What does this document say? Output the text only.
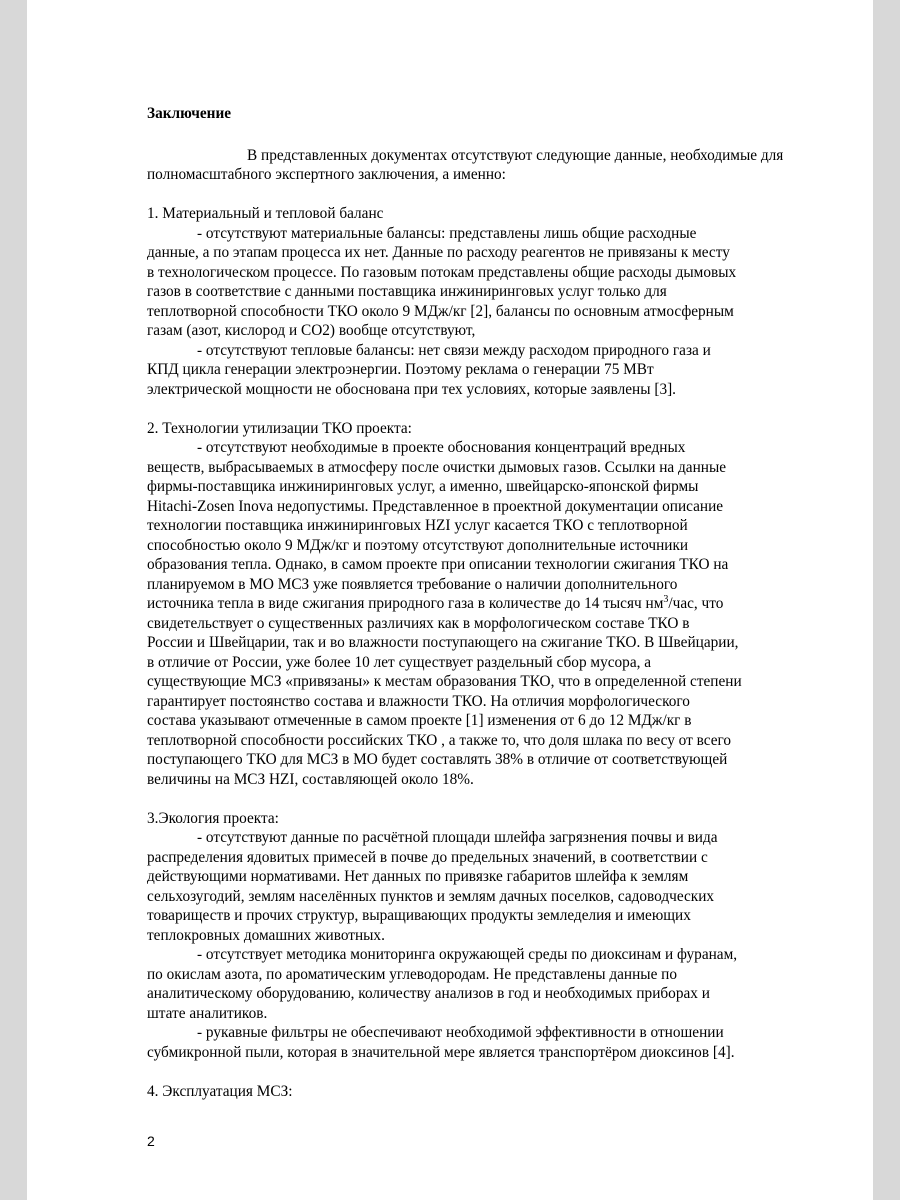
Заключение

В представленных документах отсутствуют следующие данные, необходимые для
полномасштабного экспертного заключения, а именно:

1. Материальный и тепловой баланс

- отсутствуют материальные балансы: представлены лишь общие расходные
данные, а по этапам процесса их нет. Данные по расходу реагентов не привязаны к месту
в технологическом процессе. По газовым потокам представлены общие расходы дымовых
газов в соответствие с данными поставщика инжиниринговых услуг только для
теплотворной способности ТКО около 9 МДж/кг [2], балансы по основным атмосферным
газам (азот, кислород и СО2) вообще отсутствуют,

- отсутствуют тепловые балансы: нет связи между расходом природного газа и
КПД цикла генерации электроэнергии. Поэтому реклама о генерации 75 МВт
электрической мощности не обоснована при тех условиях, которые заявлены [3].

2. Технологии утилизации ТКО проекта:

- отсутствуют необходимые в проекте обоснования концентраций вредных
веществ, выбрасываемых в атмосферу после очистки дымовых газов. Ссылки на данные
фирмы-поставщика инжиниринговых услуг, а именно, швейцарско-японской фирмы
Hitachi-Zosen Inova недопустимы. Представленное в проектной документации описание
технологии поставщика инжиниринговых HZI услуг касается ТКО с теплотворной
способностью около 9 МДж/кг и поэтому отсутствуют дополнительные источники
образования тепла. Однако, в самом проекте при описании технологии сжигания ТКО на
планируемом в МО МСЗ уже появляется требование о наличии дополнительного
источника тепла в виде сжигания природного газа в количестве до 14 тысяч $нм^3$/час, что
свидетельствует о существенных различиях как в морфологическом составе ТКО в
России и Швейцарии, так и во влажности поступающего на сжигание ТКО. В Швейцарии,
в отличие от России, уже более 10 лет существует раздельный сбор мусора, а
существующие МСЗ «привязаны» к местам образования ТКО, что в определенной степени
гарантирует постоянство состава и влажности ТКО. На отличия морфологического
состава указывают отмеченные в самом проекте [1] изменения от 6 до 12 МДж/кг в
теплотворной способности российских ТКО , а также то, что доля шлака по весу от всего
поступающего ТКО для МСЗ в МО будет составлять 38% в отличие от соответствующей
величины на МСЗ HZI, составляющей около 18%.

3.Экология проекта:

- отсутствуют данные по расчётной площади шлейфа загрязнения почвы и вида
распределения ядовитых примесей в почве до предельных значений, в соответствии с
действующими нормативами. Нет данных по привязке габаритов шлейфа к землям
сельхозугодий, землям населённых пунктов и землям дачных поселков, садоводческих
товариществ и прочих структур, выращивающих продукты земледелия и имеющих
теплокровных домашних животных.

- отсутствует методика мониторинга окружающей среды по диоксинам и фуранам,
по окислам азота, по ароматическим углеводородам. Не представлены данные по
аналитическому оборудованию, количеству анализов в год и необходимых приборах и
штате аналитиков.

- рукавные фильтры не обеспечивают необходимой эффективности в отношении
субмикронной пыли, которая в значительной мере является транспортёром диоксинов [4].

4. Эксплуатация МСЗ:

2
